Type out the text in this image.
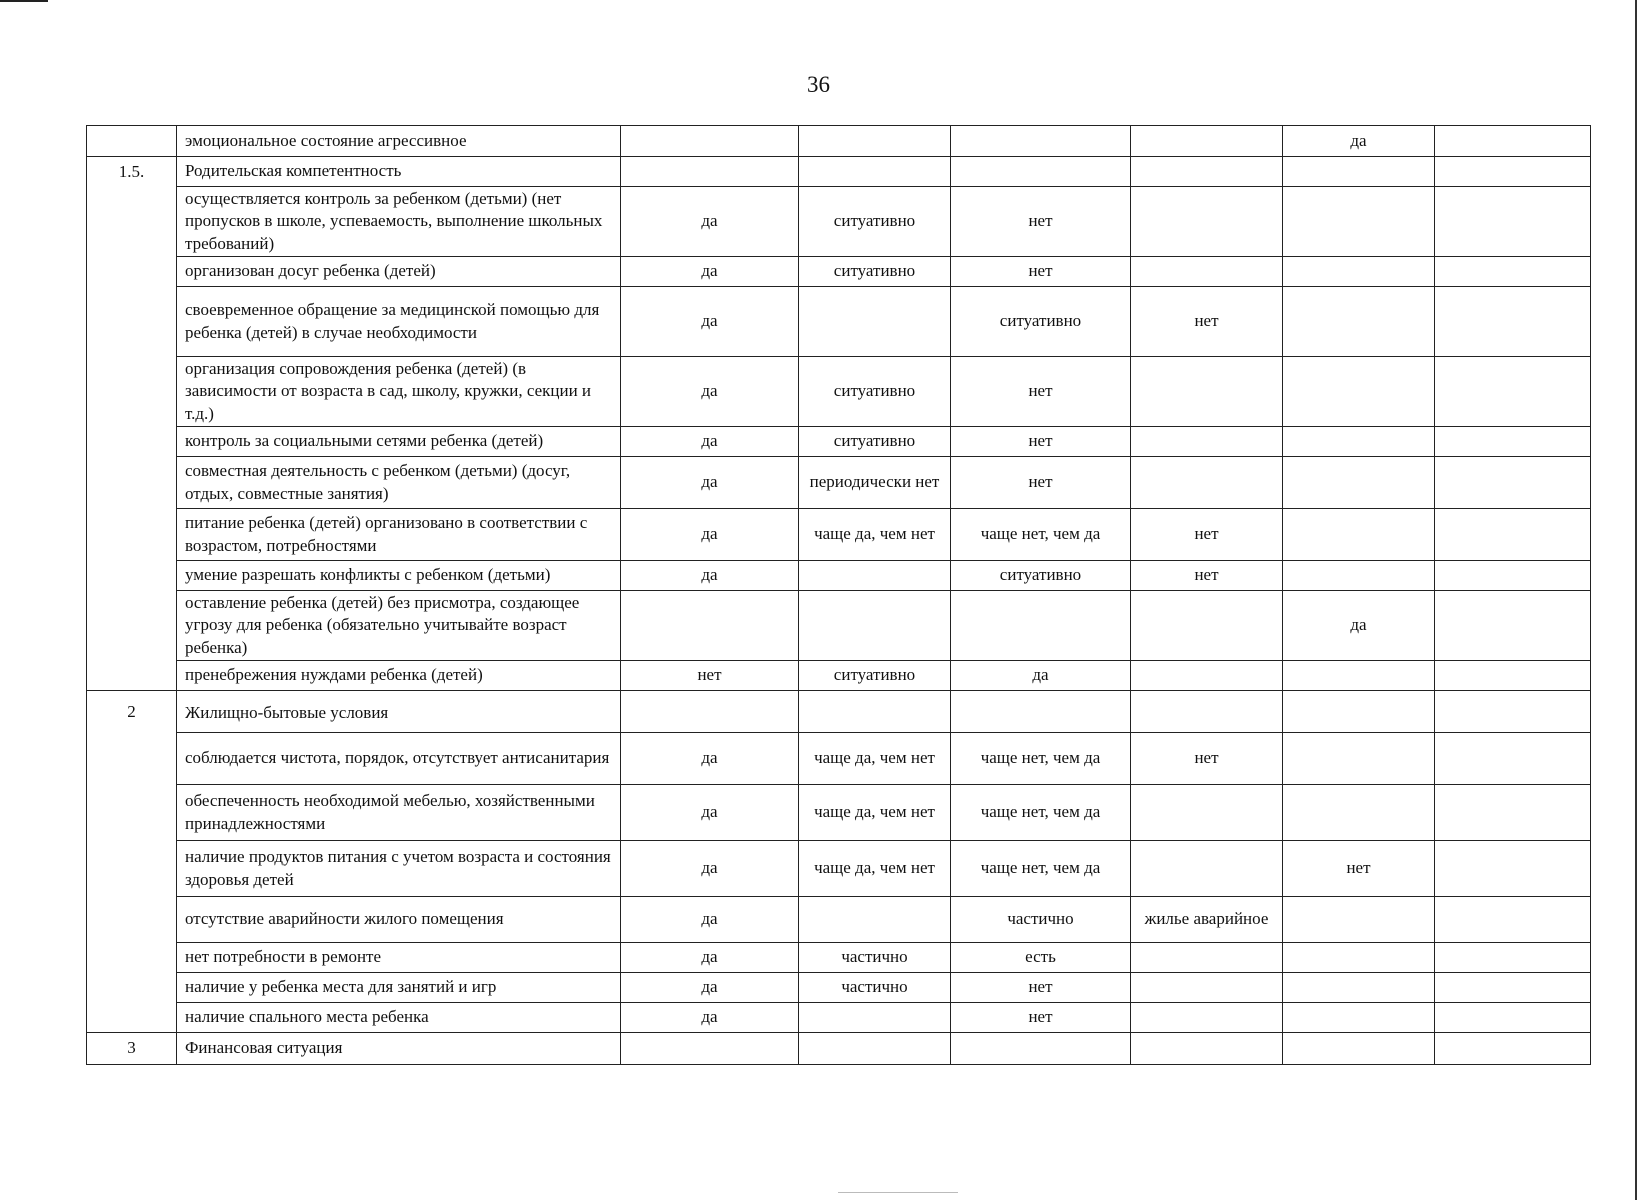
36
	эмоциональное состояние агрессивное					да	
1.5.	Родительская компетентность						
	осуществляется контроль за ребенком (детьми) (нет пропусков в школе, успеваемость, выполнение школьных требований)	да	ситуативно	нет			
	организован досуг ребенка (детей)	да	ситуативно	нет			
	своевременное обращение за медицинской помощью для ребенка (детей) в случае необходимости	да		ситуативно	нет		
	организация сопровождения ребенка (детей) (в зависимости от возраста в сад, школу, кружки, секции и т.д.)	да	ситуативно	нет			
	контроль за социальными сетями ребенка (детей)	да	ситуативно	нет			
	совместная деятельность с ребенком (детьми) (досуг, отдых, совместные занятия)	да	периодически нет	нет			
	питание ребенка (детей) организовано в соответствии с возрастом, потребностями	да	чаще да, чем нет	чаще нет, чем да	нет		
	умение разрешать конфликты с ребенком (детьми)	да		ситуативно	нет		
	оставление ребенка (детей) без присмотра, создающее угрозу для ребенка (обязательно учитывайте возраст ребенка)					да	
	пренебрежения нуждами ребенка (детей)	нет	ситуативно	да			
2	Жилищно-бытовые условия						
	соблюдается чистота, порядок, отсутствует антисанитария	да	чаще да, чем нет	чаще нет, чем да	нет		
	обеспеченность необходимой мебелью, хозяйственными принадлежностями	да	чаще да, чем нет	чаще нет, чем да			
	наличие продуктов питания с учетом возраста и состояния здоровья детей	да	чаще да, чем нет	чаще нет, чем да		нет	
	отсутствие аварийности жилого помещения	да		частично	жилье аварийное		
	нет потребности в ремонте	да	частично	есть			
	наличие у ребенка места для занятий и игр	да	частично	нет			
	наличие спального места ребенка	да		нет			
3	Финансовая ситуация						
